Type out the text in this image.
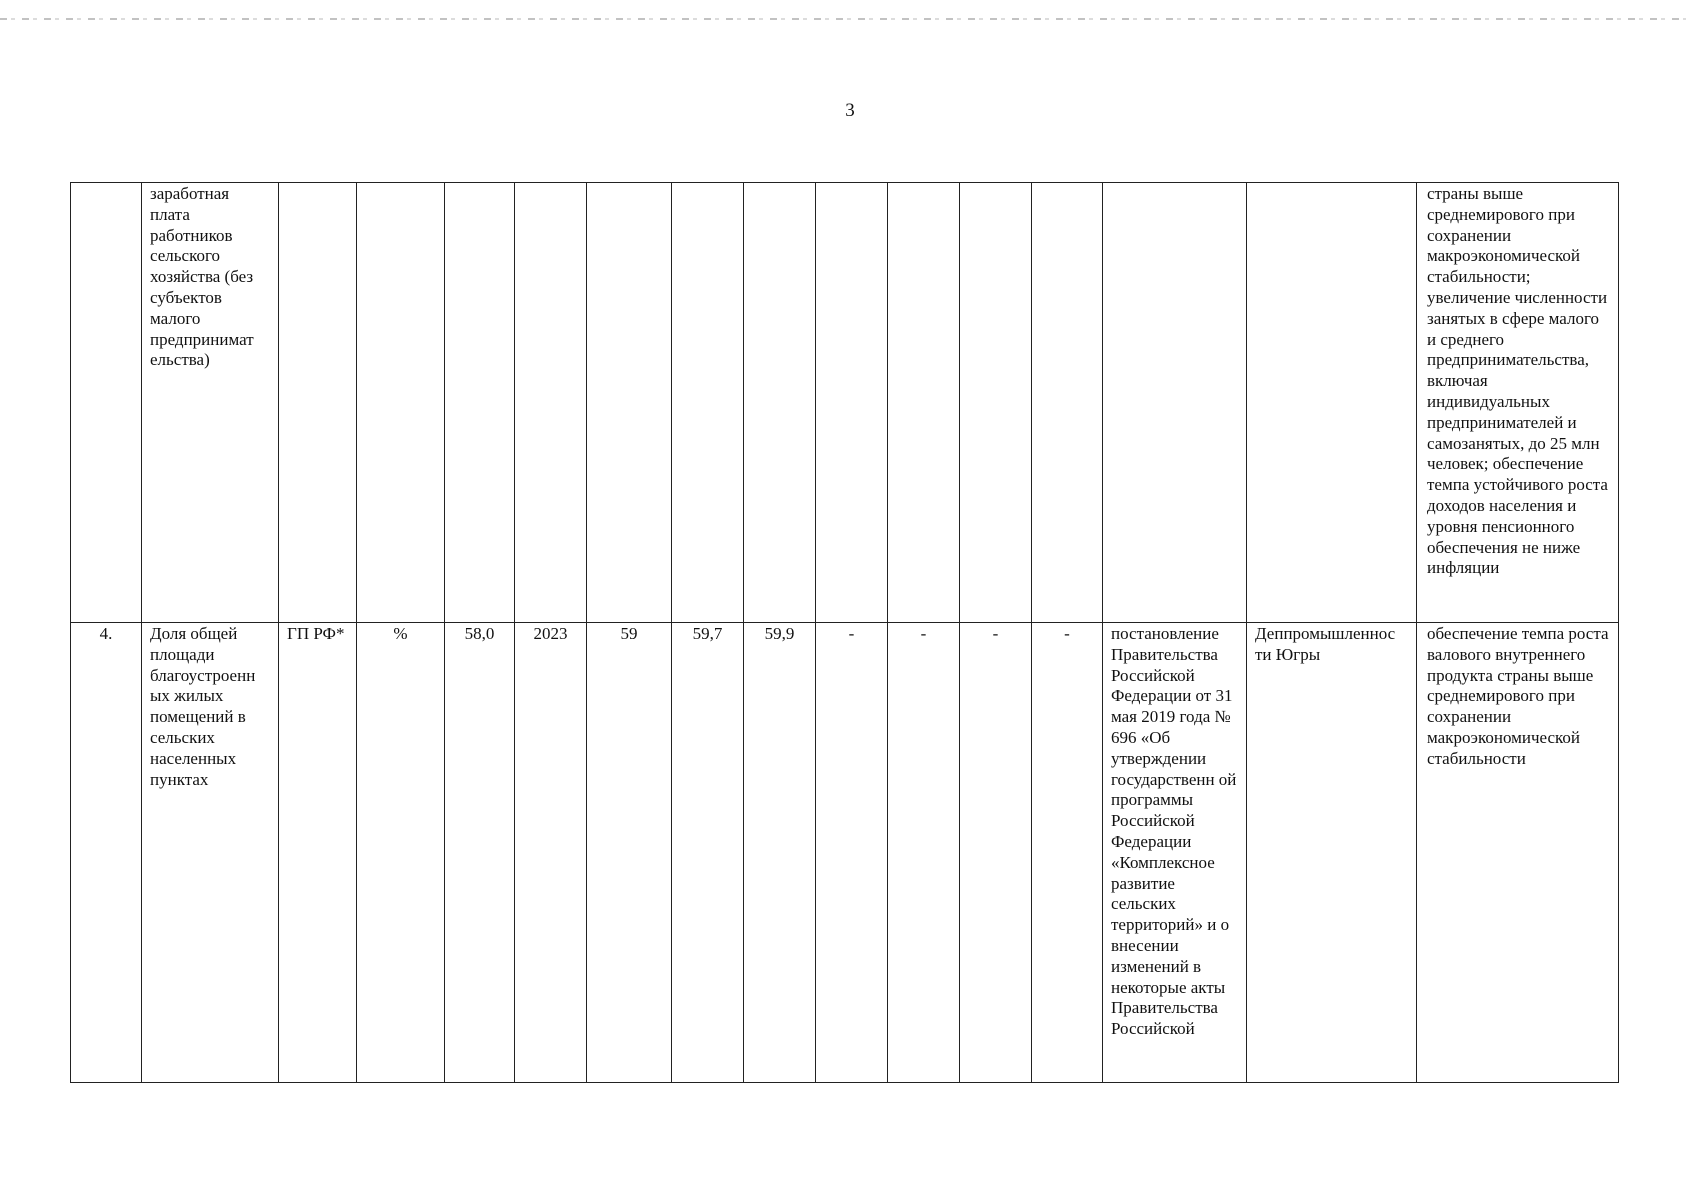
3
	заработная плата работников сельского хозяйства (без субъектов малого предпринимат ельства)														страны выше среднемирового при сохранении макроэкономической стабильности; увеличение численности занятых в сфере малого и среднего предпринимательства, включая индивидуальных предпринимателей и самозанятых, до 25 млн человек; обеспечение темпа устойчивого роста доходов населения и уровня пенсионного обеспечения не ниже инфляции
4.	Доля общей площади благоустроенн ых жилых помещений в сельских населенных пунктах	ГП РФ*	%	58,0	2023	59	59,7	59,9	-	-	-	-	постановление Правительства Российской Федерации от 31 мая 2019 года № 696 «Об утверждении государственн ой программы Российской Федерации «Комплексное развитие сельских территорий» и о внесении изменений в некоторые акты Правительства Российской	Деппромышленнос ти Югры	обеспечение темпа роста валового внутреннего продукта страны выше среднемирового при сохранении макроэкономической стабильности
